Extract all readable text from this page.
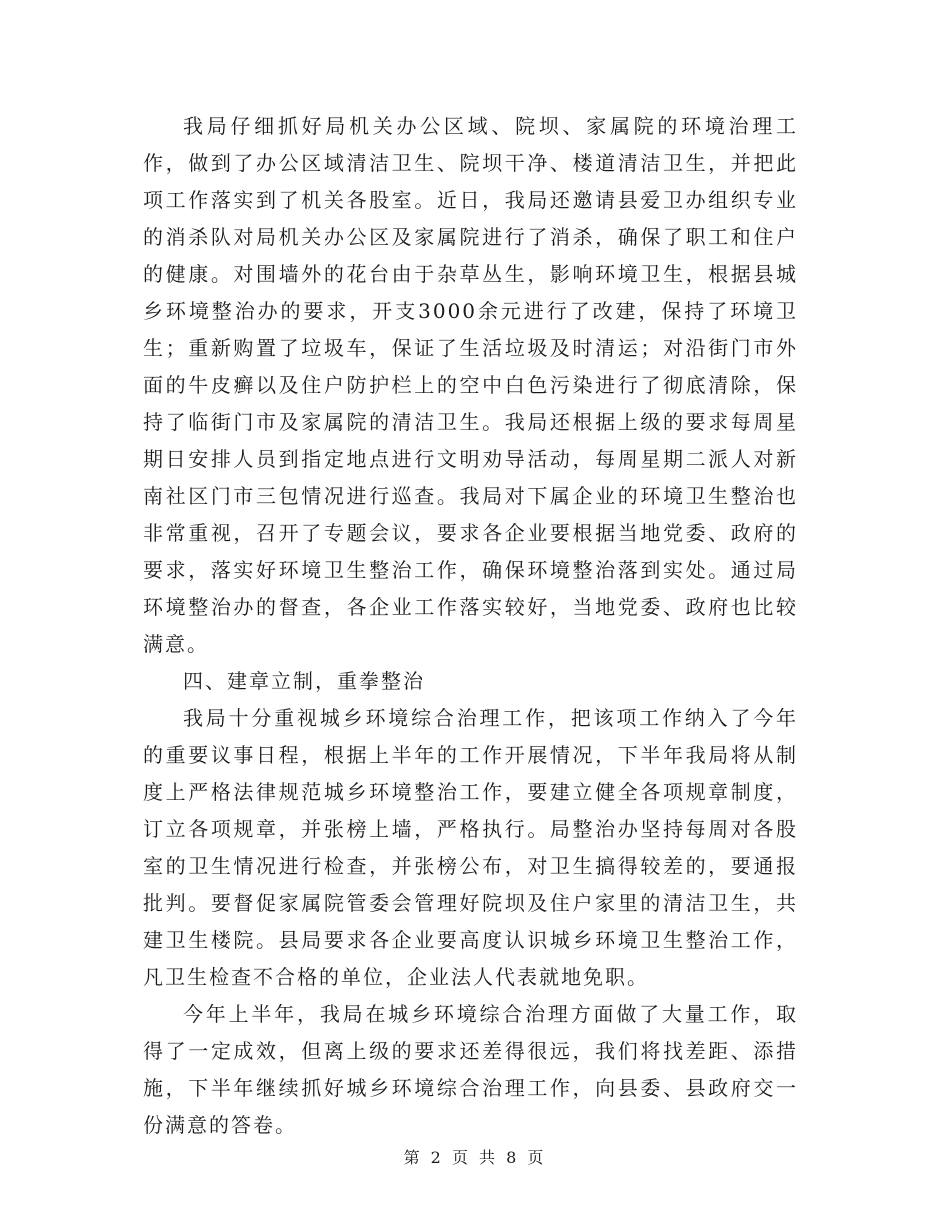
我局仔细抓好局机关办公区域、院坝、家属院的环境治理工作，做到了办公区域清洁卫生、院坝干净、楼道清洁卫生，并把此项工作落实到了机关各股室。近日，我局还邀请县爱卫办组织专业的消杀队对局机关办公区及家属院进行了消杀，确保了职工和住户的健康。对围墙外的花台由于杂草丛生，影响环境卫生，根据县城乡环境整治办的要求，开支3000余元进行了改建，保持了环境卫生；重新购置了垃圾车，保证了生活垃圾及时清运；对沿街门市外面的牛皮癣以及住户防护栏上的空中白色污染进行了彻底清除，保持了临街门市及家属院的清洁卫生。我局还根据上级的要求每周星期日安排人员到指定地点进行文明劝导活动，每周星期二派人对新南社区门市三包情况进行巡查。我局对下属企业的环境卫生整治也非常重视，召开了专题会议，要求各企业要根据当地党委、政府的要求，落实好环境卫生整治工作，确保环境整治落到实处。通过局环境整治办的督查，各企业工作落实较好，当地党委、政府也比较满意。

四、建章立制，重拳整治

我局十分重视城乡环境综合治理工作，把该项工作纳入了今年的重要议事日程，根据上半年的工作开展情况，下半年我局将从制度上严格法律规范城乡环境整治工作，要建立健全各项规章制度，订立各项规章，并张榜上墙，严格执行。局整治办坚持每周对各股室的卫生情况进行检查，并张榜公布，对卫生搞得较差的，要通报批判。要督促家属院管委会管理好院坝及住户家里的清洁卫生，共建卫生楼院。县局要求各企业要高度认识城乡环境卫生整治工作，凡卫生检查不合格的单位，企业法人代表就地免职。

今年上半年，我局在城乡环境综合治理方面做了大量工作，取得了一定成效，但离上级的要求还差得很远，我们将找差距、添措施，下半年继续抓好城乡环境综合治理工作，向县委、县政府交一份满意的答卷。

第 2 页 共 8 页
